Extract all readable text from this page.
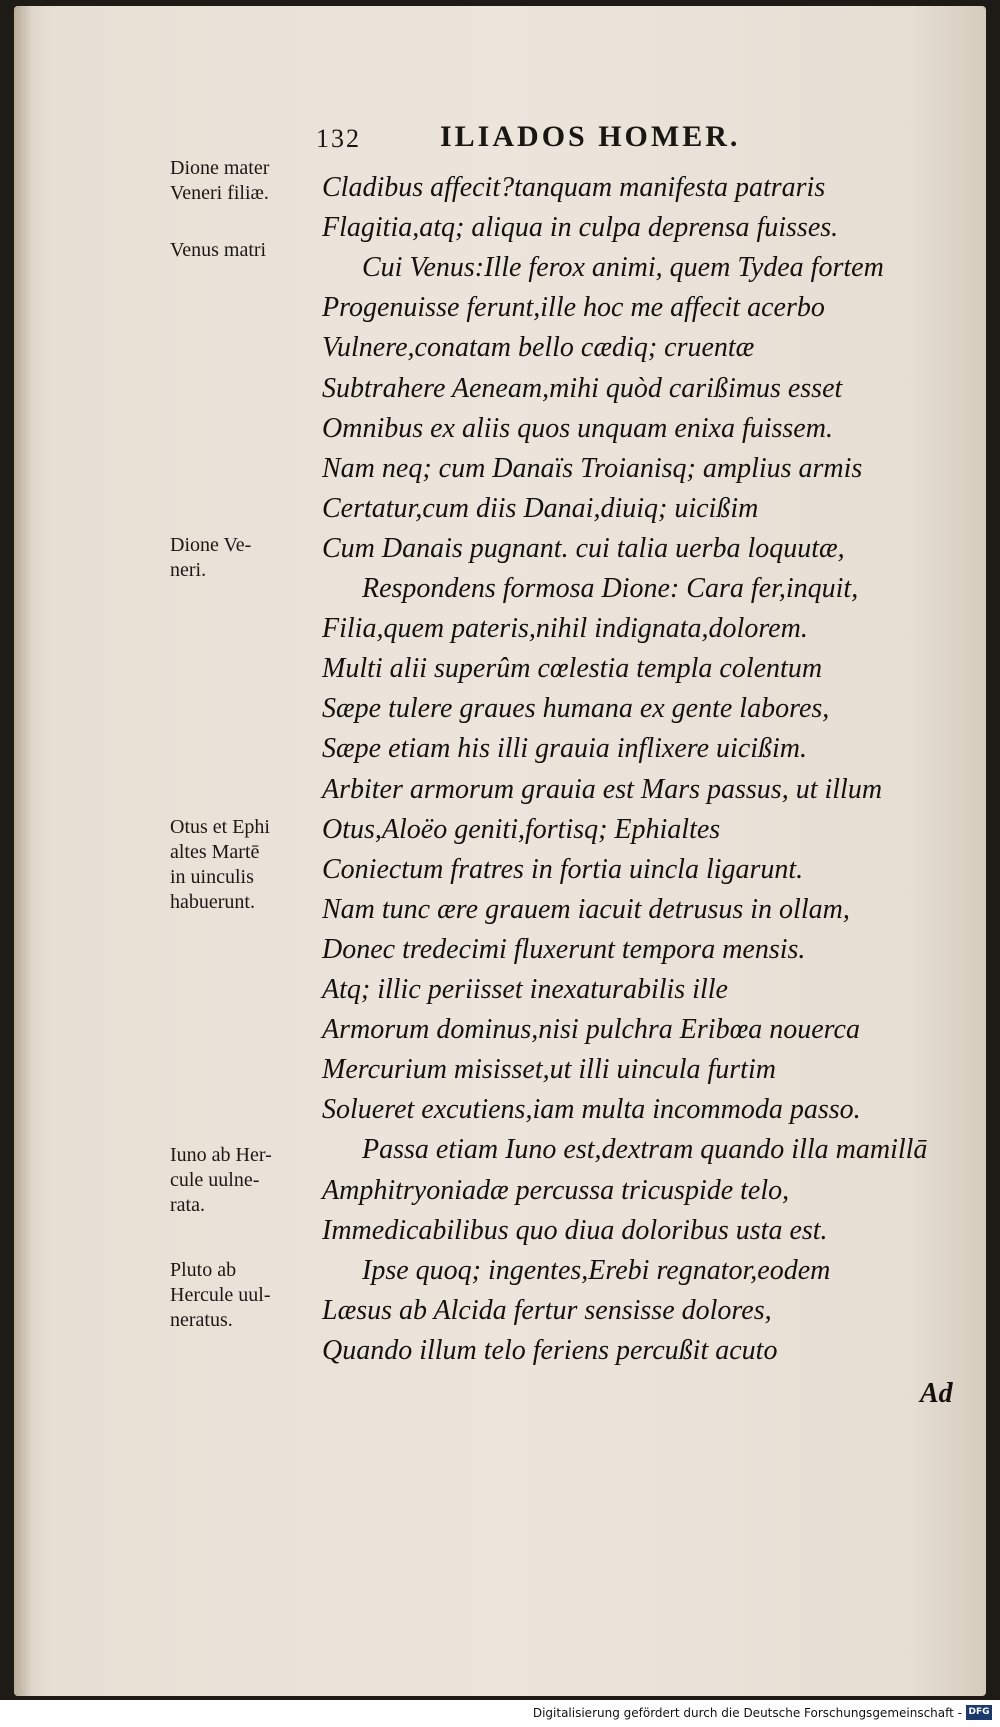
132	ILIADOS HOMER.
Dione mater
Veneri filiæ.
Venus matri
Dione Ve-
neri.
Otus et Ephi
altes Martē
in uinculis
habuerunt.
Iuno ab Her-
cule uulne-
rata.
Pluto ab
Hercule uul-
neratus.
Cladibus affecit?tanquam manifesta patraris
Flagitia,atq; aliqua in culpa deprensa fuisses.
Cui Venus:Ille ferox animi, quem Tydea fortem
Progenuisse ferunt,ille hoc me affecit acerbo
Vulnere,conatam bello cædiq; cruentæ
Subtrahere Aeneam,mihi quòd carißimus esset
Omnibus ex aliis quos unquam enixa fuissem.
Nam neq; cum Danaïs Troianisq; amplius armis
Certatur,cum diis Danai,diuiq; uicißim
Cum Danais pugnant. cui talia uerba loquutæ,
Respondens formosa Dione: Cara fer,inquit,
Filia,quem pateris,nihil indignata,dolorem.
Multi alii superûm cœlestia templa colentum
Sæpe tulere graues humana ex gente labores,
Sæpe etiam his illi grauia inflixere uicißim.
Arbiter armorum grauia est Mars passus, ut illum
Otus,Aloëo geniti,fortisq; Ephialtes
Coniectum fratres in fortia uincla ligarunt.
Nam tunc ære grauem iacuit detrusus in ollam,
Donec tredecimi fluxerunt tempora mensis.
Atq; illic periisset inexaturabilis ille
Armorum dominus,nisi pulchra Eribœa nouerca
Mercurium misisset,ut illi uincula furtim
Solueret excutiens,iam multa incommoda passo.
Passa etiam Iuno est,dextram quando illa mamillā
Amphitryoniadæ percussa tricuspide telo,
Immedicabilibus quo diua doloribus usta est.
Ipse quoq; ingentes,Erebi regnator,eodem
Læsus ab Alcida fertur sensisse dolores,
Quando illum telo feriens percußit acuto
Ad
Digitalisierung gefördert durch die Deutsche Forschungsgemeinschaft - DFG
